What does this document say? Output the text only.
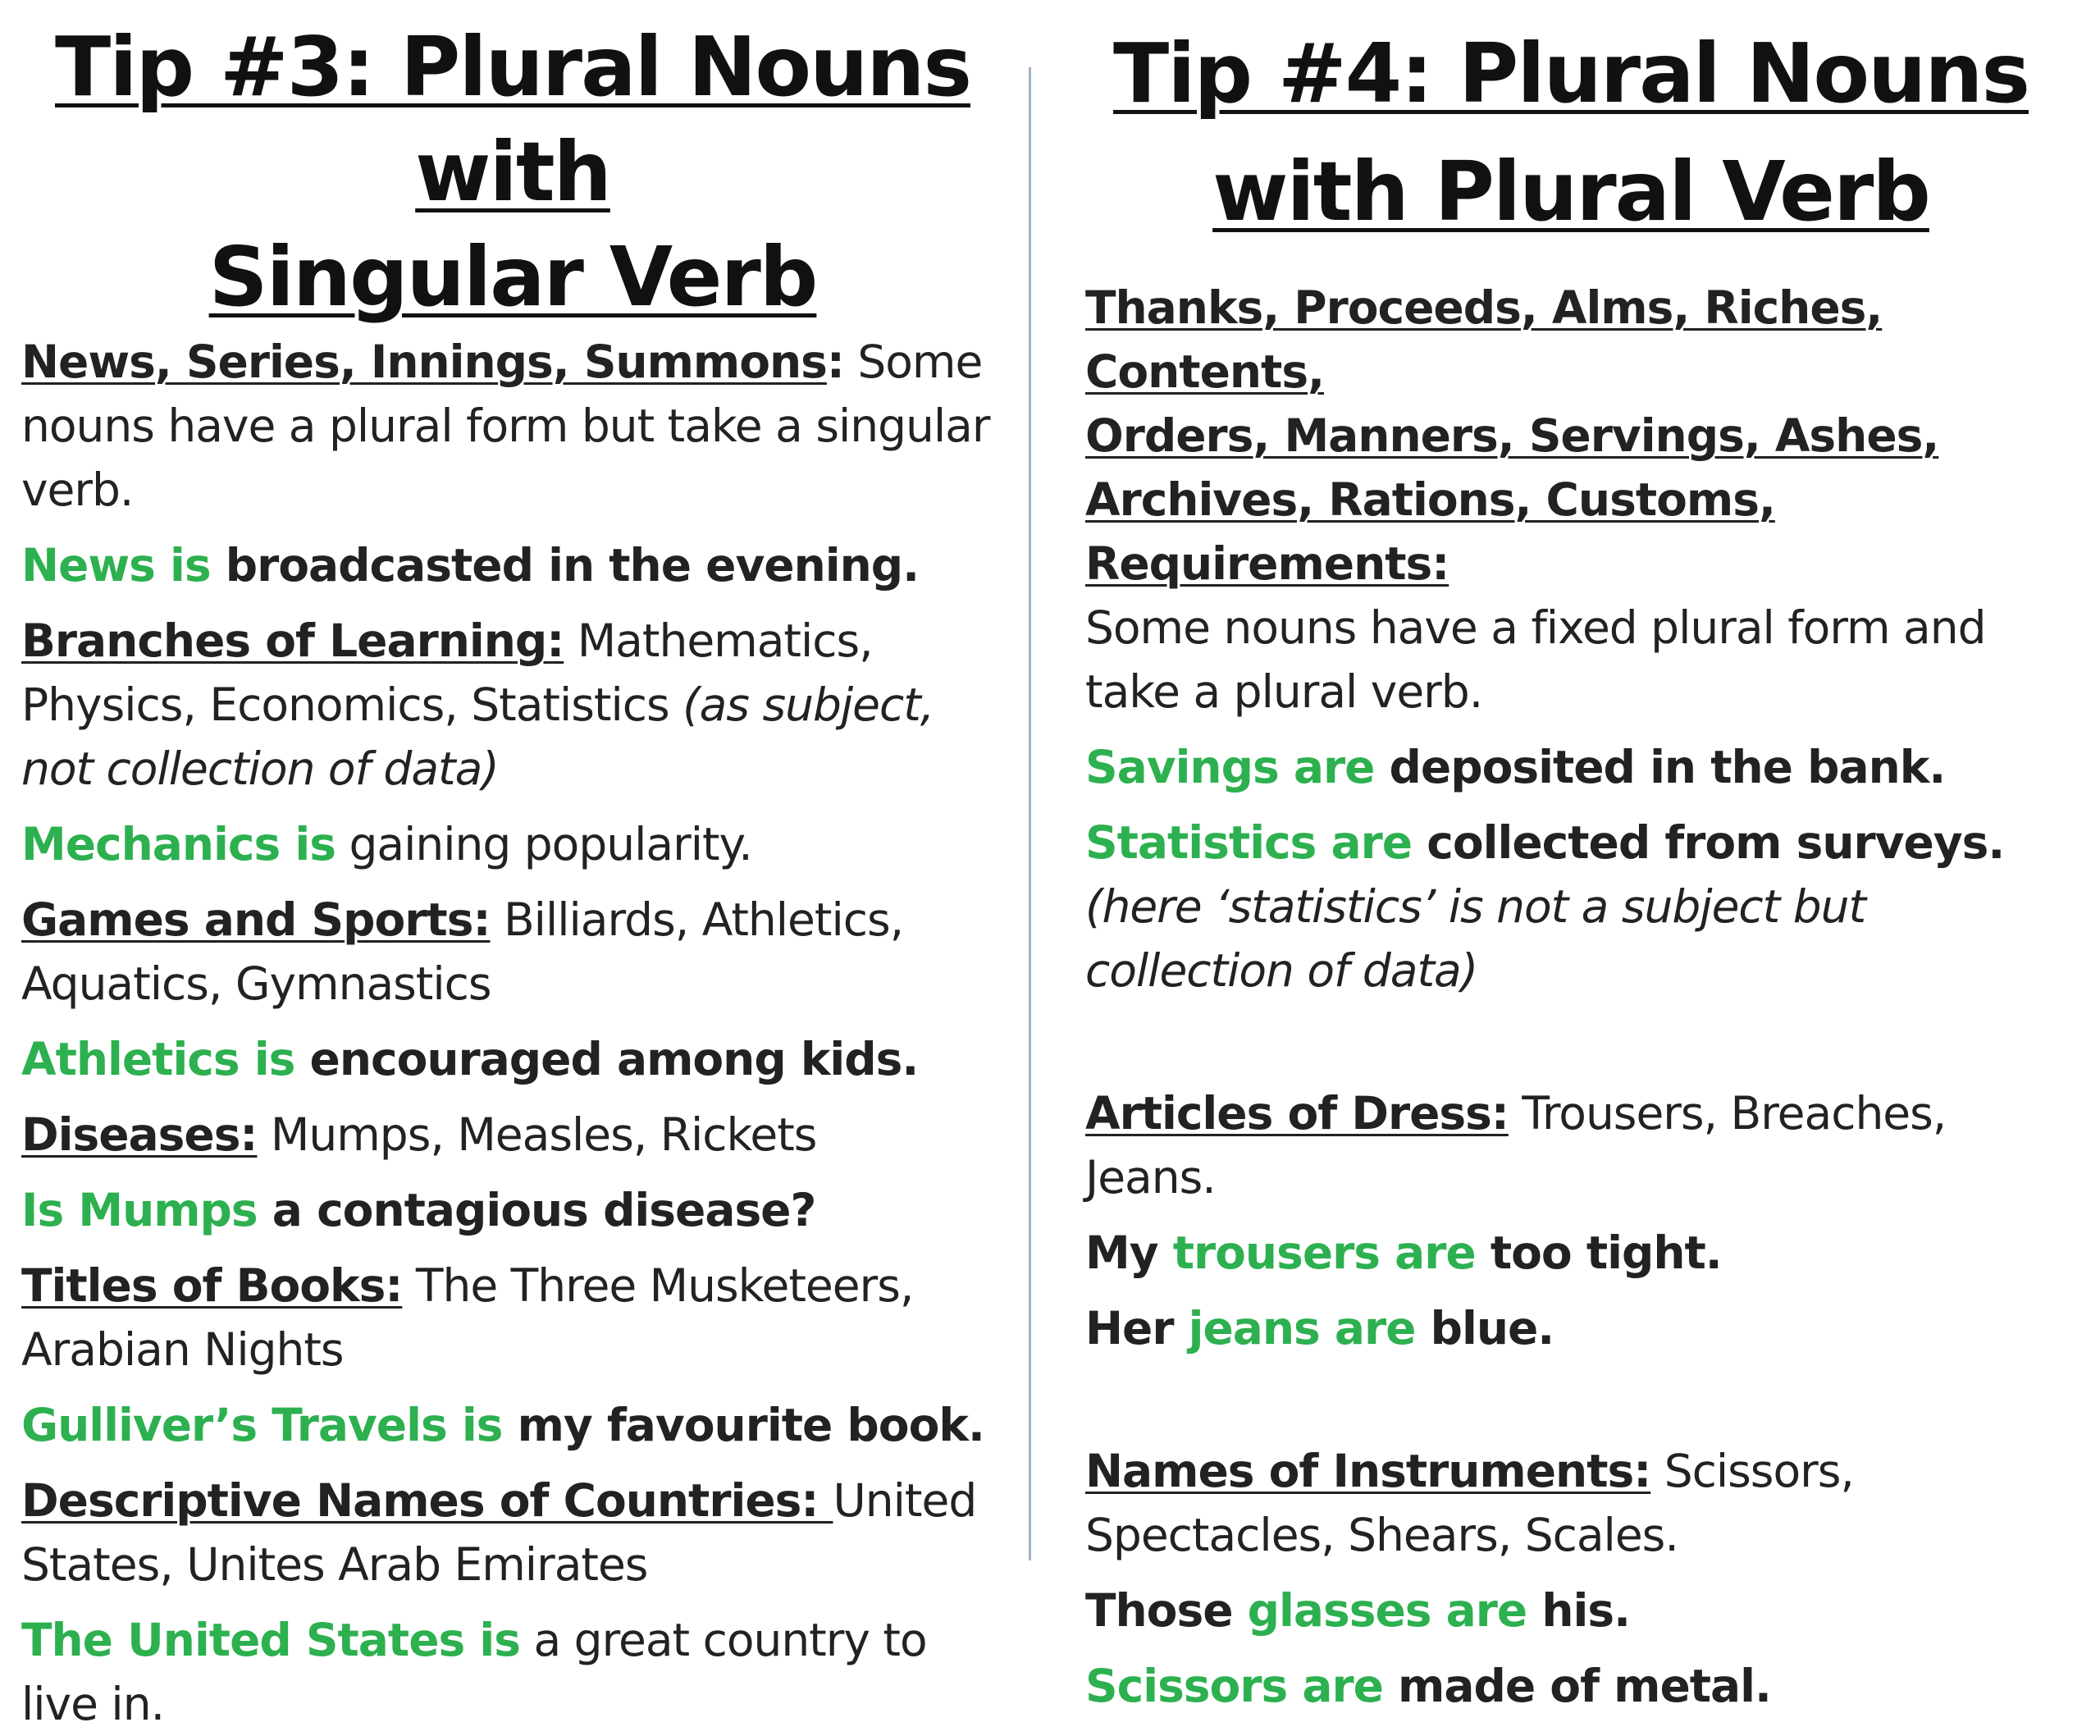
Tip #3: Plural Nouns with
Singular Verb

News, Series, Innings, Summons: Some nouns have a plural form but take a singular verb.

News is broadcasted in the evening.

Branches of Learning: Mathematics, Physics, Economics, Statistics (as subject, not collection of data)

Mechanics is gaining popularity.

Games and Sports: Billiards, Athletics, Aquatics, Gymnastics

Athletics is encouraged among kids.

Diseases: Mumps, Measles, Rickets

Is Mumps a contagious disease?

Titles of Books: The Three Musketeers, Arabian Nights

Gulliver’s Travels is my favourite book.

Descriptive Names of Countries: United States, Unites Arab Emirates

The United States is a great country to live in.

Tip #4: Plural Nouns
with Plural Verb

Thanks, Proceeds, Alms, Riches, Contents,
Orders, Manners, Servings, Ashes,
Archives, Rations, Customs, Requirements:
Some nouns have a fixed plural form and take a plural verb.

Savings are deposited in the bank.

Statistics are collected from surveys. (here ‘statistics’ is not a subject but collection of data)

Articles of Dress: Trousers, Breaches, Jeans.

My trousers are too tight.

Her jeans are blue.

Names of Instruments: Scissors, Spectacles, Shears, Scales.

Those glasses are his.

Scissors are made of metal.
